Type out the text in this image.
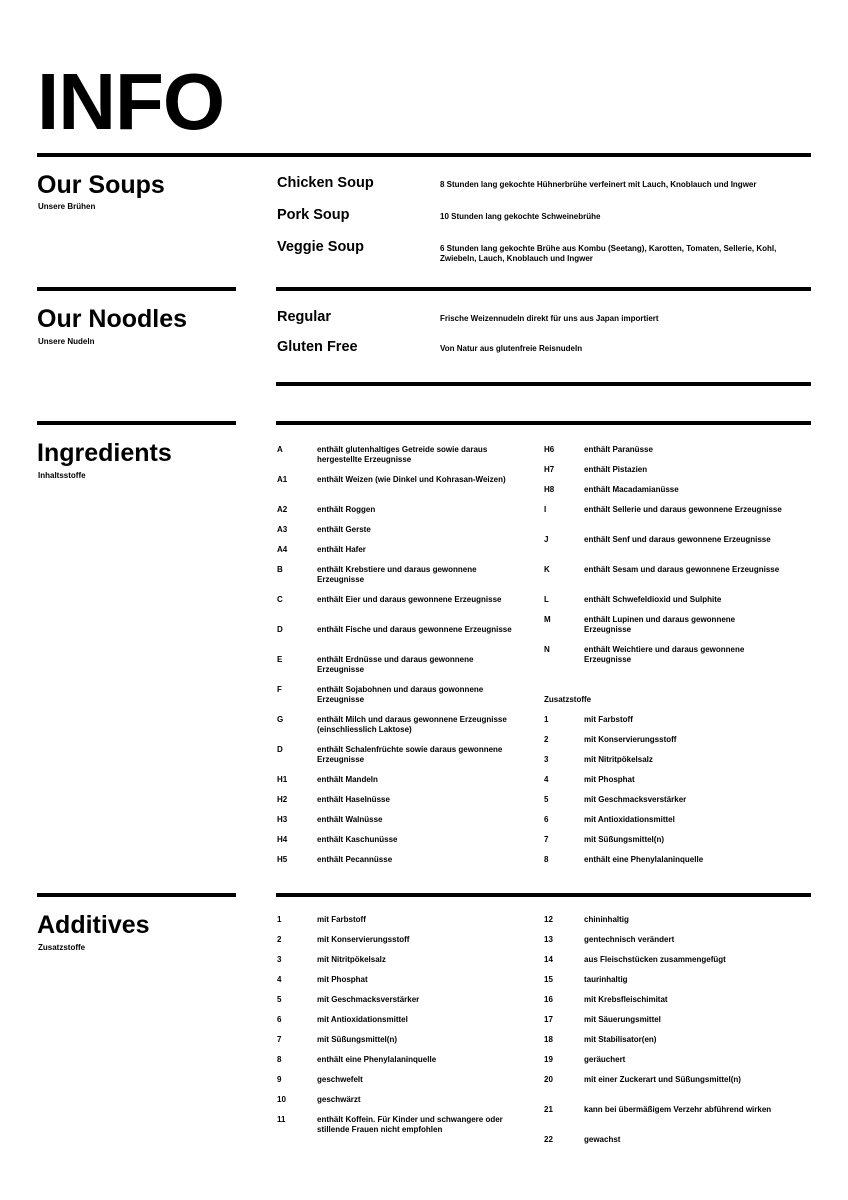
INFO
Our Soups
Unsere Brühen
Chicken Soup	8 Stunden lang gekochte Hühnerbrühe verfeinert mit Lauch, Knoblauch und Ingwer
Pork Soup	10 Stunden lang gekochte Schweinebrühe
Veggie Soup	6 Stunden lang gekochte Brühe aus Kombu (Seetang), Karotten, Tomaten, Sellerie, Kohl, Zwiebeln, Lauch, Knoblauch und Ingwer
Our Noodles
Unsere Nudeln
Regular	Frische Weizennudeln direkt für uns aus Japan importiert
Gluten Free	Von Natur aus glutenfreie Reisnudeln
Ingredients
Inhaltsstoffe
A	enthält glutenhaltiges Getreide sowie daraus hergestellte Erzeugnisse
A1	enthält Weizen (wie Dinkel und Kohrasan-Weizen)
A2	enthält Roggen
A3	enthält Gerste
A4	enthält Hafer
B	enthält Krebstiere und daraus gewonnene Erzeugnisse
C	enthält Eier und daraus gewonnene Erzeugnisse
D	enthält Fische und daraus gewonnene Erzeugnisse
E	enthält Erdnüsse und daraus gewonnene Erzeugnisse
F	enthält Sojabohnen und daraus gowonnene Erzeugnisse
G	enthält Milch und daraus gewonnene Erzeugnisse (einschliesslich Laktose)
D	enthält Schalenfrüchte sowie daraus gewonnene Erzeugnisse
H1	enthält Mandeln
H2	enthält Haselnüsse
H3	enthält Walnüsse
H4	enthält Kaschunüsse
H5	enthält Pecannüsse
H6	enthält Paranüsse
H7	enthält Pistazien
H8	enthält Macadamianüsse
I	enthält Sellerie und daraus gewonnene Erzeugnisse
J	enthält Senf und daraus gewonnene Erzeugnisse
K	enthält Sesam und daraus gewonnene Erzeugnisse
L	enthält Schwefeldioxid und Sulphite
M	enthält Lupinen und daraus gewonnene Erzeugnisse
N	enthält Weichtiere und daraus gewonnene Erzeugnisse
Zusatzstoffe
1	mit Farbstoff
2	mit Konservierungsstoff
3	mit Nitritpökelsalz
4	mit Phosphat
5	mit Geschmacksverstärker
6	mit Antioxidationsmittel
7	mit Süßungsmittel(n)
8	enthält eine Phenylalaninquelle
Additives
Zusatzstoffe
1	mit Farbstoff
2	mit Konservierungsstoff
3	mit Nitritpökelsalz
4	mit Phosphat
5	mit Geschmacksverstärker
6	mit Antioxidationsmittel
7	mit Süßungsmittel(n)
8	enthält eine Phenylalaninquelle
9	geschwefelt
10	geschwärzt
11	enthält Koffein. Für Kinder und schwangere oder stillende Frauen nicht empfohlen
12	chininhaltig
13	gentechnisch verändert
14	aus Fleischstücken zusammengefügt
15	taurinhaltig
16	mit Krebsfleischimitat
17	mit Säuerungsmittel
18	mit Stabilisator(en)
19	geräuchert
20	mit einer Zuckerart und Süßungsmittel(n)
21	kann bei übermäßigem Verzehr abführend wirken
22	gewachst
